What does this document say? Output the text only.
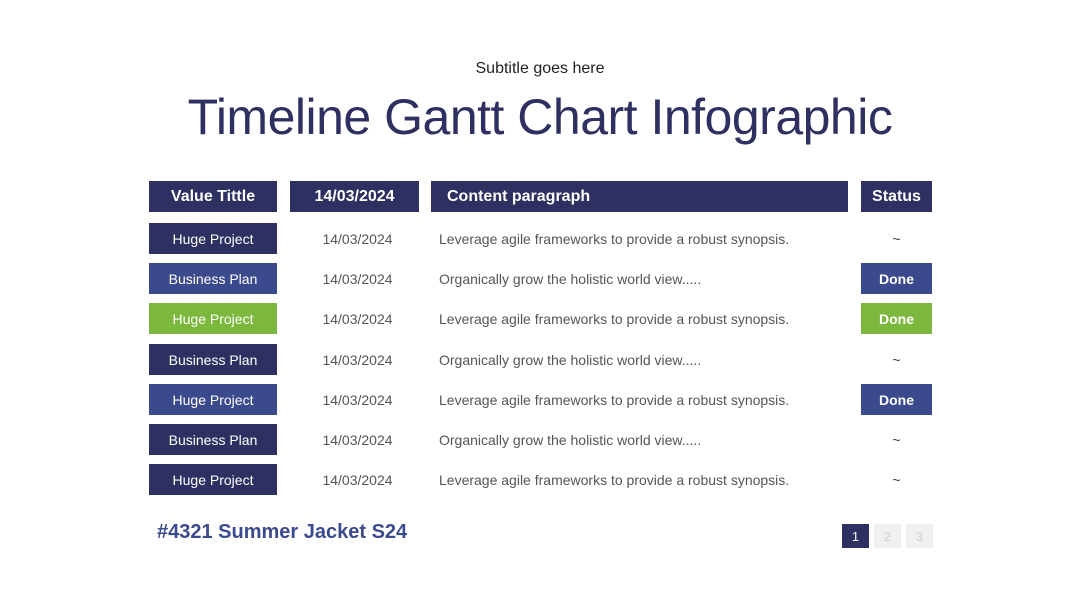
Subtitle goes here
Timeline Gantt Chart Infographic
Value Tittle	14/03/2024	Content paragraph	Status
Huge Project	14/03/2024	Leverage agile frameworks to provide a robust synopsis.	~
Business Plan	14/03/2024	Organically grow the holistic world view.....	Done
Huge Project	14/03/2024	Leverage agile frameworks to provide a robust synopsis.	Done
Business Plan	14/03/2024	Organically grow the holistic world view.....	~
Huge Project	14/03/2024	Leverage agile frameworks to provide a robust synopsis.	Done
Business Plan	14/03/2024	Organically grow the holistic world view.....	~
Huge Project	14/03/2024	Leverage agile frameworks to provide a robust synopsis.	~
#4321 Summer Jacket S24	1	2	3
